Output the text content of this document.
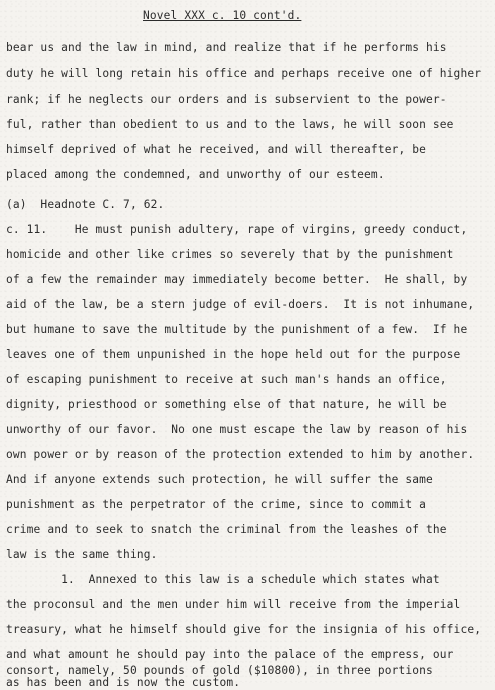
Novel XXX c. 10 cont'd.
bear us and the law in mind, and realize that if he performs his
duty he will long retain his office and perhaps receive one of higher
rank; if he neglects our orders and is subservient to the power-
ful, rather than obedient to us and to the laws, he will soon see
himself deprived of what he received, and will thereafter, be
placed among the condemned, and unworthy of our esteem.
(a)  Headnote C. 7, 62.
c. 11.    He must punish adultery, rape of virgins, greedy conduct,
homicide and other like crimes so severely that by the punishment
of a few the remainder may immediately become better.  He shall, by
aid of the law, be a stern judge of evil-doers.  It is not inhumane,
but humane to save the multitude by the punishment of a few.  If he
leaves one of them unpunished in the hope held out for the purpose
of escaping punishment to receive at such man's hands an office,
dignity, priesthood or something else of that nature, he will be
unworthy of our favor.  No one must escape the law by reason of his
own power or by reason of the protection extended to him by another.
And if anyone extends such protection, he will suffer the same
punishment as the perpetrator of the crime, since to commit a
crime and to seek to snatch the criminal from the leashes of the
law is the same thing.
1.  Annexed to this law is a schedule which states what
the proconsul and the men under him will receive from the imperial
treasury, what he himself should give for the insignia of his office,
and what amount he should pay into the palace of the empress, our
consort, namely, 50 pounds of gold ($10800), in three portions
as has been and is now the custom.
